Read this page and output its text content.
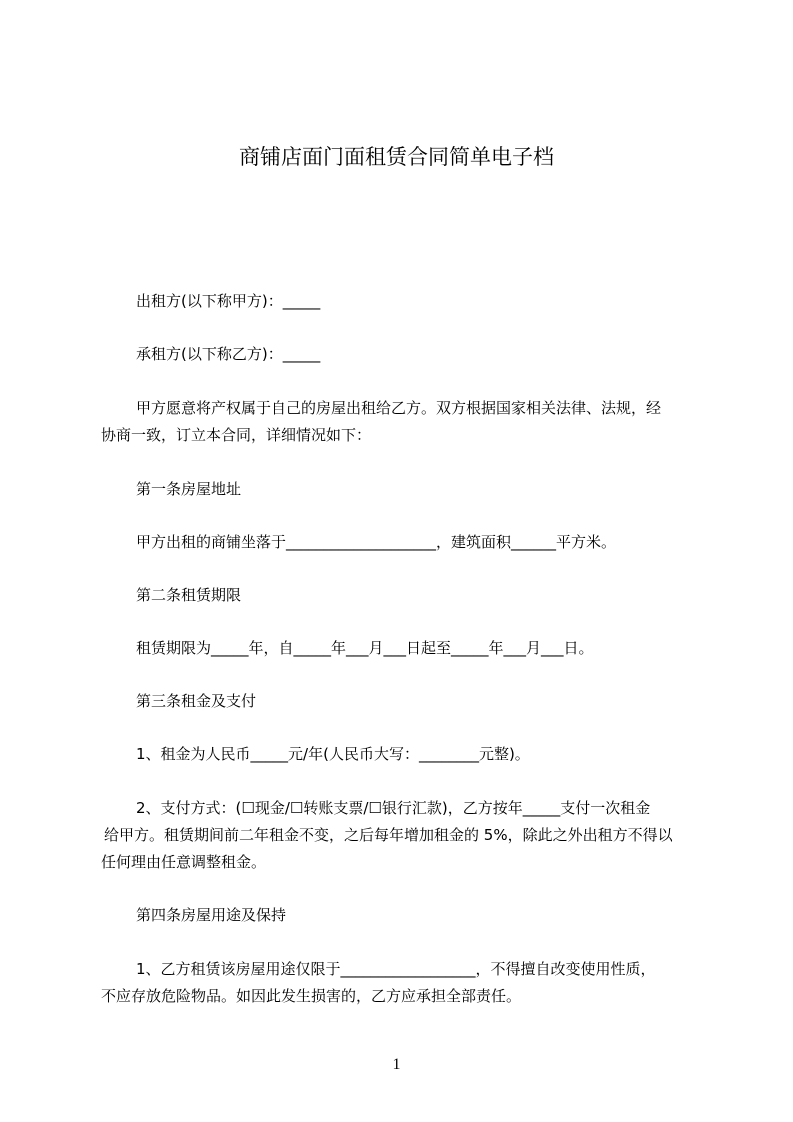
商铺店面门面租赁合同简单电子档
出租方(以下称甲方)：_____
承租方(以下称乙方)：_____
甲方愿意将产权属于自己的房屋出租给乙方。双方根据国家相关法律、法规，经
协商一致，订立本合同，详细情况如下：
第一条房屋地址
甲方出租的商铺坐落于____________________，建筑面积______平方米。
第二条租赁期限
租赁期限为_____年，自_____年___月___日起至_____年___月___日。
第三条租金及支付
1、租金为人民币_____元/年(人民币大写：________元整)。
2、支付方式：(☐现金/☐转账支票/☐银行汇款)，乙方按年_____支付一次租金
给甲方。租赁期间前二年租金不变，之后每年增加租金的 5%，除此之外出租方不得以
任何理由任意调整租金。
第四条房屋用途及保持
1、乙方租赁该房屋用途仅限于__________________，不得擅自改变使用性质，
不应存放危险物品。如因此发生损害的，乙方应承担全部责任。
1
